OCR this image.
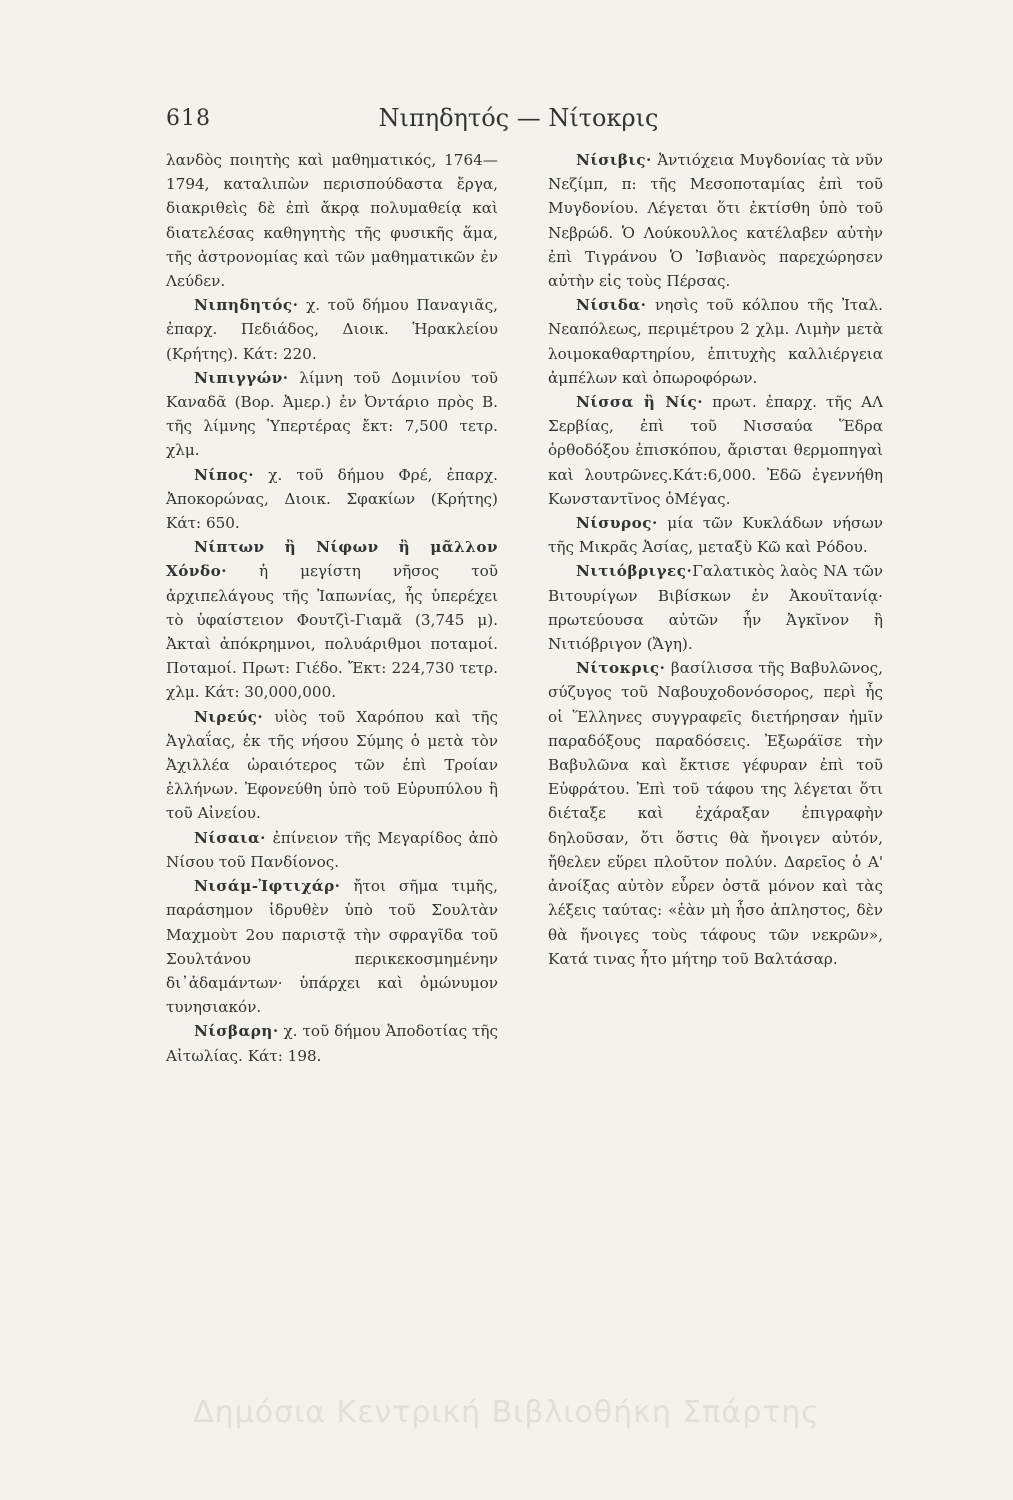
618	Νιπηδητός — Νίτοκρις

λανδὸς ποιητὴς καὶ μαθηματικός, 1764—1794, καταλιπὼν περισπούδαστα ἔργα, διακριθεὶς δὲ ἐπὶ ἄκρᾳ πολυμαθείᾳ καὶ διατελέσας καθηγητὴς τῆς φυσικῆς ἅμα, τῆς ἀστρονομίας καὶ τῶν μαθηματικῶν ἐν Λεύδεν.

Νιπηδητός· χ. τοῦ δήμου Παναγιᾶς, ἐπαρχ. Πεδιάδος, Διοικ. Ἡρακλείου (Κρήτης). Κάτ: 220.

Νιπιγγών· λίμνη τοῦ Δομινίου τοῦ Καναδᾶ (Βορ. Ἀμερ.) ἐν Ὀντάριο πρὸς Β. τῆς λίμνης Ὑπερτέρας ἔκτ: 7,500 τετρ. χλμ.

Νίπος· χ. τοῦ δήμου Φρέ, ἐπαρχ. Ἀποκορώνας, Διοικ. Σφακίων (Κρήτης) Κάτ: 650.

Νίπτων ἢ Νίφων ἢ μᾶλλον Χόνδο· ἡ μεγίστη νῆσος τοῦ ἀρχιπελάγους τῆς Ἰαπωνίας, ἧς ὑπερέχει τὸ ὑφαίστειον Φουτζὶ-Γιαμᾶ (3,745 μ). Ἀκταὶ ἀπόκρημνοι, πολυάριθμοι ποταμοί. Ποταμοί. Πρωτ: Γιέδο. Ἔκτ: 224,730 τετρ. χλμ. Κάτ: 30,000,000.

Νιρεύς· υἱὸς τοῦ Χαρόπου καὶ τῆς Ἀγλαΐας, ἐκ τῆς νήσου Σύμης ὁ μετὰ τὸν Ἀχιλλέα ὡραιότερος τῶν ἐπὶ Τροίαν ἑλλήνων. Ἐφονεύθη ὑπὸ τοῦ Εὐρυπύλου ἢ τοῦ Αἰνείου.

Νίσαια· ἐπίνειον τῆς Μεγαρίδος ἀπὸ Νίσου τοῦ Πανδίονος.

Νισάμ-Ἰφτιχάρ· ἤτοι σῆμα τιμῆς, παράσημον ἱδρυθὲν ὑπὸ τοῦ Σουλτὰν Μαχμοὺτ 2ου παριστᾷ τὴν σφραγῖδα τοῦ Σουλτάνου περικεκοσμημένην δι᾿ἀδαμάντων· ὑπάρχει καὶ ὁμώνυμον τυνησιακόν.

Νίσβαρη· χ. τοῦ δήμου Ἀποδοτίας τῆς Αἰτωλίας. Κάτ: 198.

Νίσιβις· Ἀντιόχεια Μυγδονίας τὰ νῦν Νεζίμπ, π: τῆς Μεσοποταμίας ἐπὶ τοῦ Μυγδονίου. Λέγεται ὅτι ἐκτίσθη ὑπὸ τοῦ Νεβρώδ. Ὁ Λούκουλλος κατέλαβεν αὐτὴν ἐπὶ Τιγράνου Ὁ Ἰσβιανὸς παρεχώρησεν αὐτὴν εἰς τοὺς Πέρσας.

Νίσιδα· νησὶς τοῦ κόλπου τῆς Ἰταλ. Νεαπόλεως, περιμέτρου 2 χλμ. Λιμὴν μετὰ λοιμοκαθαρτηρίου, ἐπιτυχὴς καλλιέργεια ἀμπέλων καὶ ὀπωροφόρων.

Νίσσα ἢ Νίς· πρωτ. ἐπαρχ. τῆς ΑΛ Σερβίας, ἐπὶ τοῦ Νισσαύα Ἕδρα ὀρθοδόξου ἐπισκόπου, ἄρισται θερμοπηγαὶ καὶ λουτρῶνες.Κάτ:6,000. Ἐδῶ ἐγεννήθη Κωνσταντῖνος ὁΜέγας.

Νίσυρος· μία τῶν Κυκλάδων νήσων τῆς Μικρᾶς Ἀσίας, μεταξὺ Κῶ καὶ Ρόδου.

Νιτιόβριγες·Γαλατικὸς λαὸς ΝΑ τῶν Βιτουρίγων Βιβίσκων ἐν Ἀκουϊτανίᾳ· πρωτεύουσα αὐτῶν ἦν Ἀγκῖνον ἢ Νιτιόβριγον (Ἄγη).

Νίτοκρις· βασίλισσα τῆς Βαβυλῶνος, σύζυγος τοῦ Ναβουχοδονόσορος, περὶ ἧς οἱ Ἕλληνες συγγραφεῖς διετήρησαν ἡμῖν παραδόξους παραδόσεις. Ἐξωράϊσε τὴν Βαβυλῶνα καὶ ἔκτισε γέφυραν ἐπὶ τοῦ Εὐφράτου. Ἐπὶ τοῦ τάφου της λέγεται ὅτι διέταξε καὶ ἐχάραξαν ἐπιγραφὴν δηλοῦσαν, ὅτι ὅστις θὰ ἤνοιγεν αὐτόν, ἤθελεν εὕρει πλοῦτον πολύν. Δαρεῖος ὁ Α' ἀνοίξας αὐτὸν εὗρεν ὀστᾶ μόνον καὶ τὰς λέξεις ταύτας: «ἐὰν μὴ ἦσο ἀπληστος, δὲν θὰ ἤνοιγες τοὺς τάφους τῶν νεκρῶν», Κατά τινας ἦτο μήτηρ τοῦ Βαλτάσαρ.

Δημόσια Κεντρική Βιβλιοθήκη Σπάρτης
